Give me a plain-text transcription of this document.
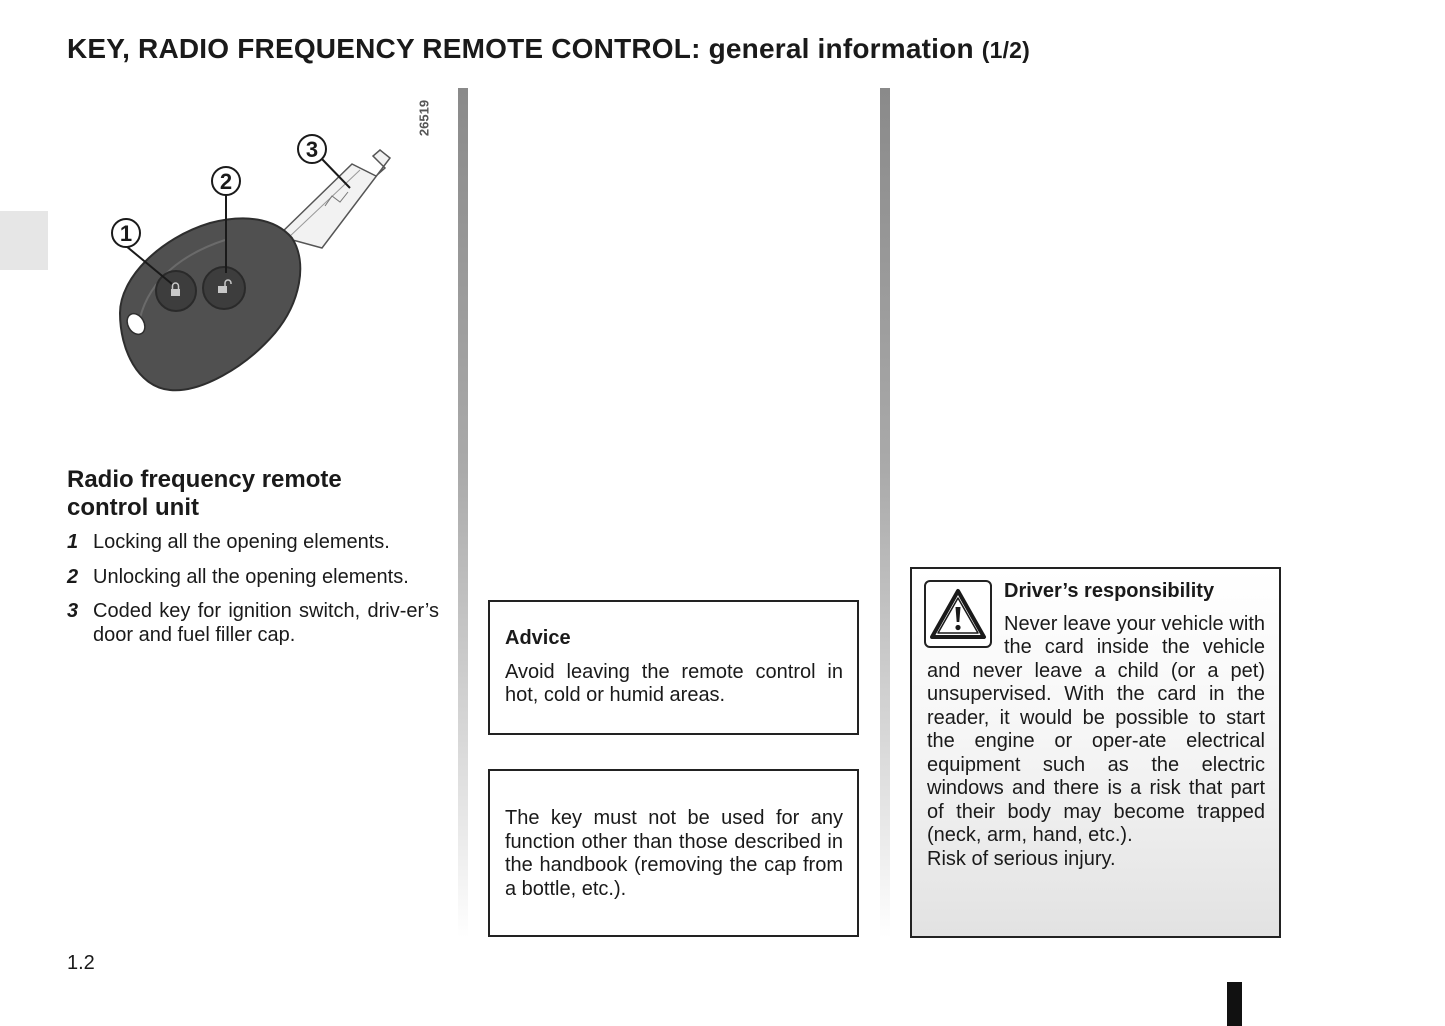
KEY, RADIO FREQUENCY REMOTE CONTROL: general information (1/2)
1
2
3
26519
Radio frequency remote control unit
1 Locking all the opening elements.
2 Unlocking all the opening elements.
3 Coded key for ignition switch, driv-er’s door and fuel filler cap.	Advice

Avoid leaving the remote control in hot, cold or humid areas.

The key must not be used for any function other than those described in the handbook (removing the cap from a bottle, etc.).

Driver’s responsibility

Never leave your vehicle with the card inside the vehicle and never leave a child (or a pet) unsupervised. With the card in the reader, it would be possible to start the engine or oper-ate electrical equipment such as the electric windows and there is a risk that part of their body may become trapped (neck, arm, hand, etc.).

Risk of serious injury.

1.2
